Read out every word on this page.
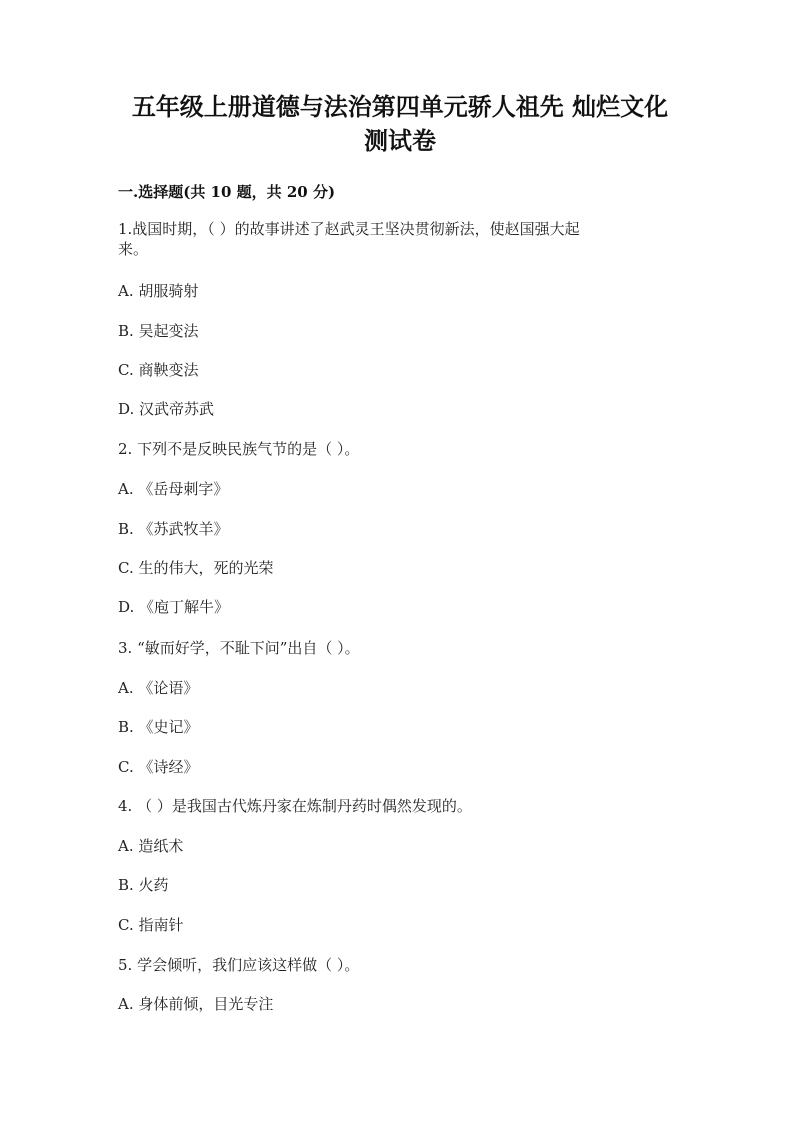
五年级上册道德与法治第四单元骄人祖先 灿烂文化
测试卷
一.选择题(共 10 题，共 20 分)
1.战国时期，（ ）的故事讲述了赵武灵王坚决贯彻新法，使赵国强大起
来。
A. 胡服骑射
B. 吴起变法
C. 商鞅变法
D. 汉武帝苏武
2. 下列不是反映民族气节的是（ ）。
A. 《岳母刺字》
B. 《苏武牧羊》
C. 生的伟大，死的光荣
D. 《庖丁解牛》
3. “敏而好学，不耻下问”出自（ ）。
A. 《论语》
B. 《史记》
C. 《诗经》
4. （ ）是我国古代炼丹家在炼制丹药时偶然发现的。
A. 造纸术
B. 火药
C. 指南针
5. 学会倾听，我们应该这样做（ ）。
A. 身体前倾，目光专注
